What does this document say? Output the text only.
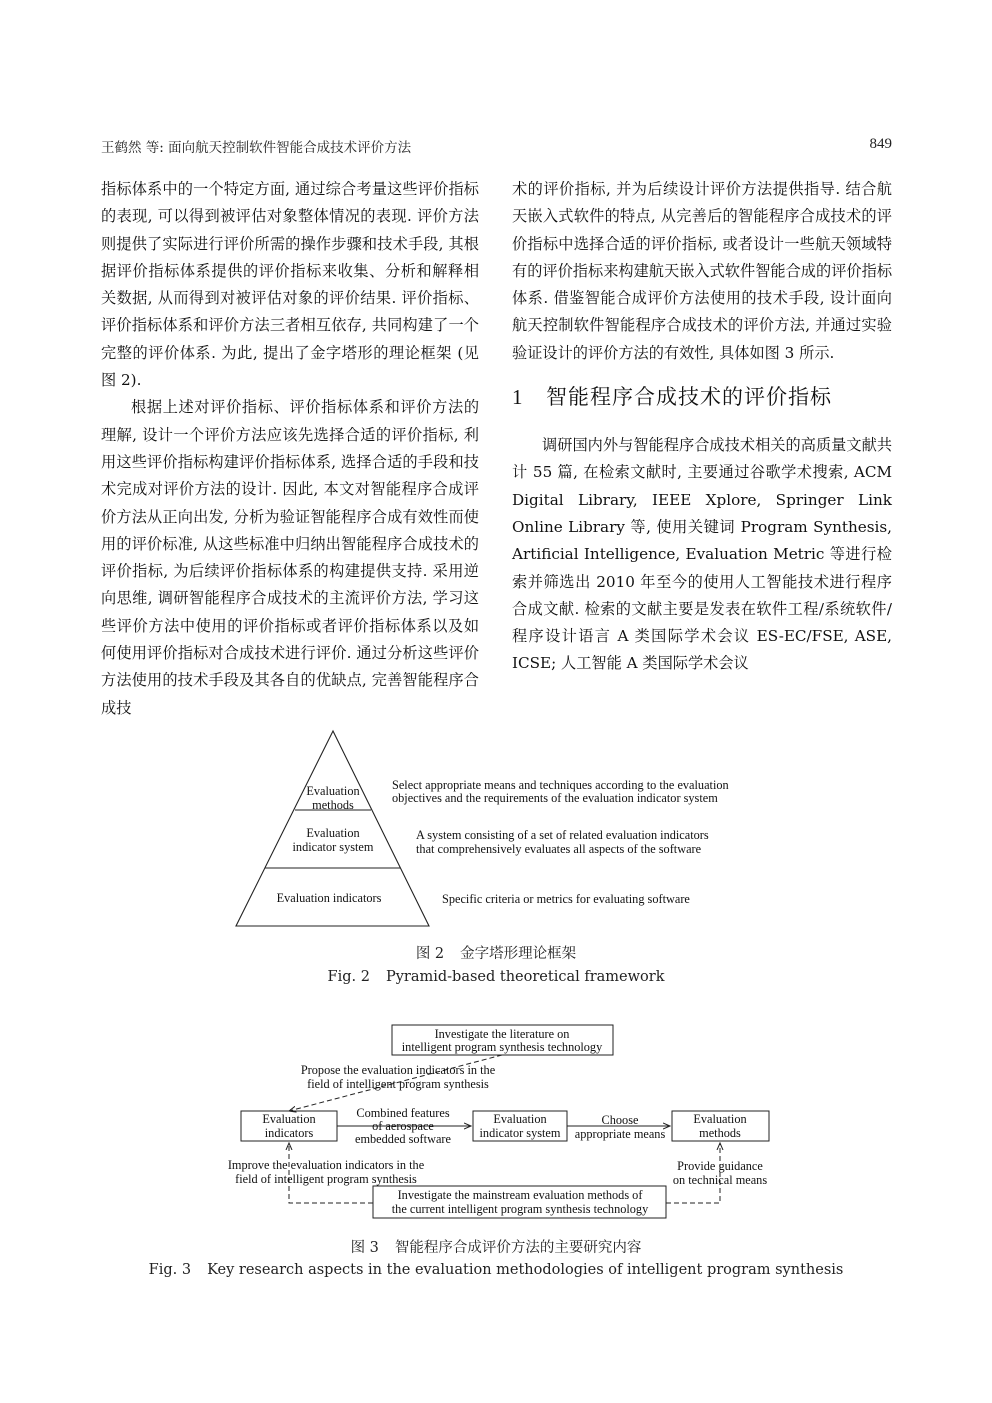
王鹤然 等: 面向航天控制软件智能合成技术评价方法	849

指标体系中的一个特定方面, 通过综合考量这些评价指标的表现, 可以得到被评估对象整体情况的表现. 评价方法则提供了实际进行评价所需的操作步骤和技术手段, 其根据评价指标体系提供的评价指标来收集、分析和解释相关数据, 从而得到对被评估对象的评价结果. 评价指标、评价指标体系和评价方法三者相互依存, 共同构建了一个完整的评价体系. 为此, 提出了金字塔形的理论框架 (见图 2).

根据上述对评价指标、评价指标体系和评价方法的理解, 设计一个评价方法应该先选择合适的评价指标, 利用这些评价指标构建评价指标体系, 选择合适的手段和技术完成对评价方法的设计. 因此, 本文对智能程序合成评价方法从正向出发, 分析为验证智能程序合成有效性而使用的评价标准, 从这些标准中归纳出智能程序合成技术的评价指标, 为后续评价指标体系的构建提供支持. 采用逆向思维, 调研智能程序合成技术的主流评价方法, 学习这些评价方法中使用的评价指标或者评价指标体系以及如何使用评价指标对合成技术进行评价. 通过分析这些评价方法使用的技术手段及其各自的优缺点, 完善智能程序合成技

术的评价指标, 并为后续设计评价方法提供指导. 结合航天嵌入式软件的特点, 从完善后的智能程序合成技术的评价指标中选择合适的评价指标, 或者设计一些航天领域特有的评价指标来构建航天嵌入式软件智能合成的评价指标体系. 借鉴智能合成评价方法使用的技术手段, 设计面向航天控制软件智能程序合成技术的评价方法, 并通过实验验证设计的评价方法的有效性, 具体如图 3 所示.

1 智能程序合成技术的评价指标

调研国内外与智能程序合成技术相关的高质量文献共计 55 篇, 在检索文献时, 主要通过谷歌学术搜索, ACM Digital Library, IEEE Xplore, Springer Link Online Library 等, 使用关键词 Program Synthesis, Artificial Intelligence, Evaluation Metric 等进行检索并筛选出 2010 年至今的使用人工智能技术进行程序合成文献. 检索的文献主要是发表在软件工程/系统软件/程序设计语言 A 类国际学术会议 ES-EC/FSE, ASE, ICSE; 人工智能 A 类国际学术会议

Evaluation
methods
Evaluation
indicator system
Evaluation indicators
Select appropriate means and techniques according to the evaluation
objectives and the requirements of the evaluation indicator system
A system consisting of a set of related evaluation indicators
that comprehensively evaluates all aspects of the software
Specific criteria or metrics for evaluating software
图 2 金字塔形理论框架
Fig. 2 Pyramid-based theoretical framework
Investigate the literature on
intelligent program synthesis technology
Propose the evaluation indicators in the
field of intelligent program synthesis
Evaluation
indicators
Combined features
of aerospace
embedded software
Evaluation
indicator system
Choose
appropriate means
Evaluation
methods
Improve the evaluation indicators in the
field of intelligent program synthesis
Provide guidance
on technical means
Investigate the mainstream evaluation methods of
the current intelligent program synthesis technology
图 3 智能程序合成评价方法的主要研究内容
Fig. 3 Key research aspects in the evaluation methodologies of intelligent program synthesis
